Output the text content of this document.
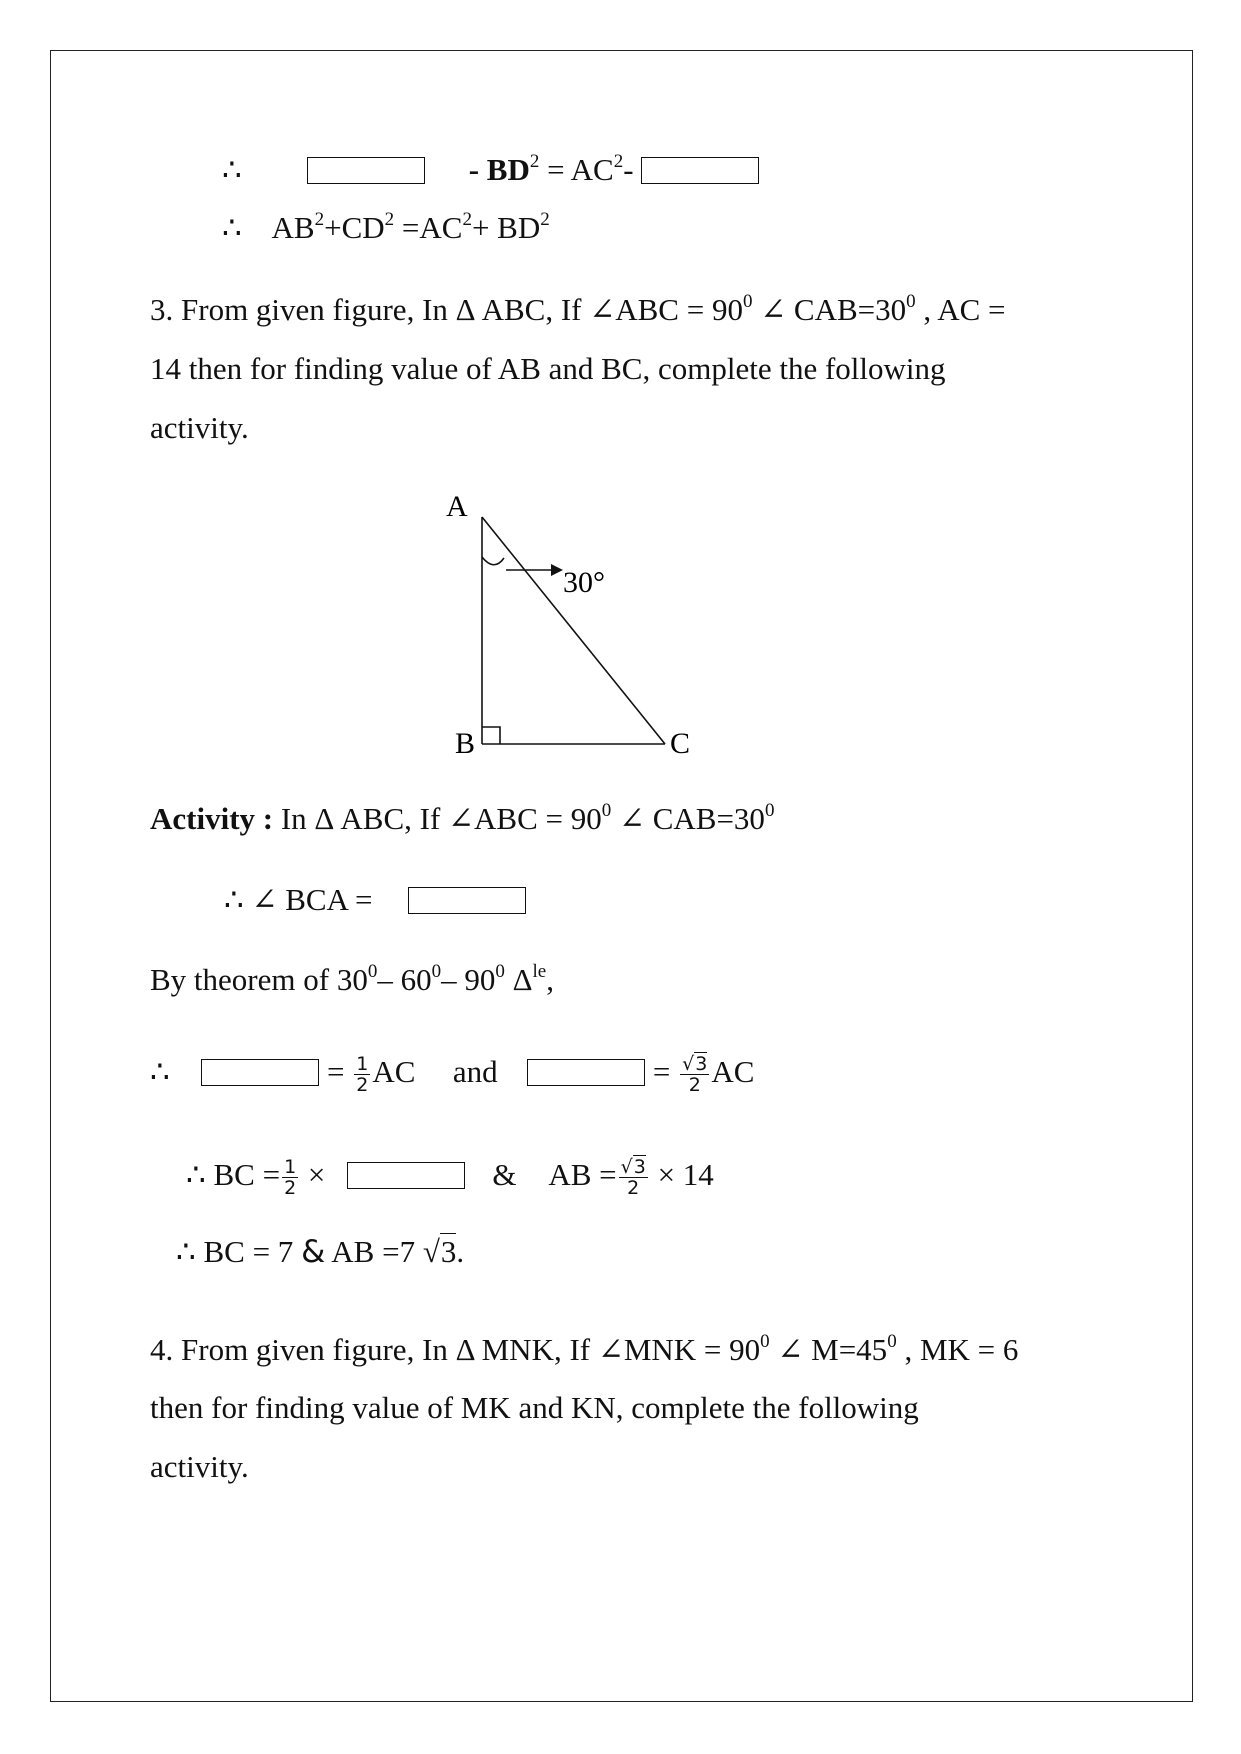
∴	- $BD^2 = AC^2-$
∴ $AB^2+CD^2 =AC^2+ BD^2$
3. From given figure, In Δ ABC, If ∠ABC = $90^0$ ∠ $CAB=30^0$ , AC =
14 then for finding value of AB and BC, complete the following
activity.
A
B	C
30°
Activity : In Δ ABC, If ∠ABC = $90^0$ ∠ $CAB=30^0$
∴ ∠ BCA =
By theorem of $30^0-$ $60^0-$ $90^0$ $\Delta^{le}$,
∴	= $\frac{1}{2}$ AC and	= $\frac{√3}{2}$ AC
∴ BC = $\frac{1}{2}$ ×	& AB = $\frac{√3}{2} \times 14$
∴ BC = 7 & AB =7 √3.
4. From given figure, In Δ MNK, If ∠MNK = $90^0$ ∠ $M=45^0$ , MK = 6
then for finding value of MK and KN, complete the following
activity.
